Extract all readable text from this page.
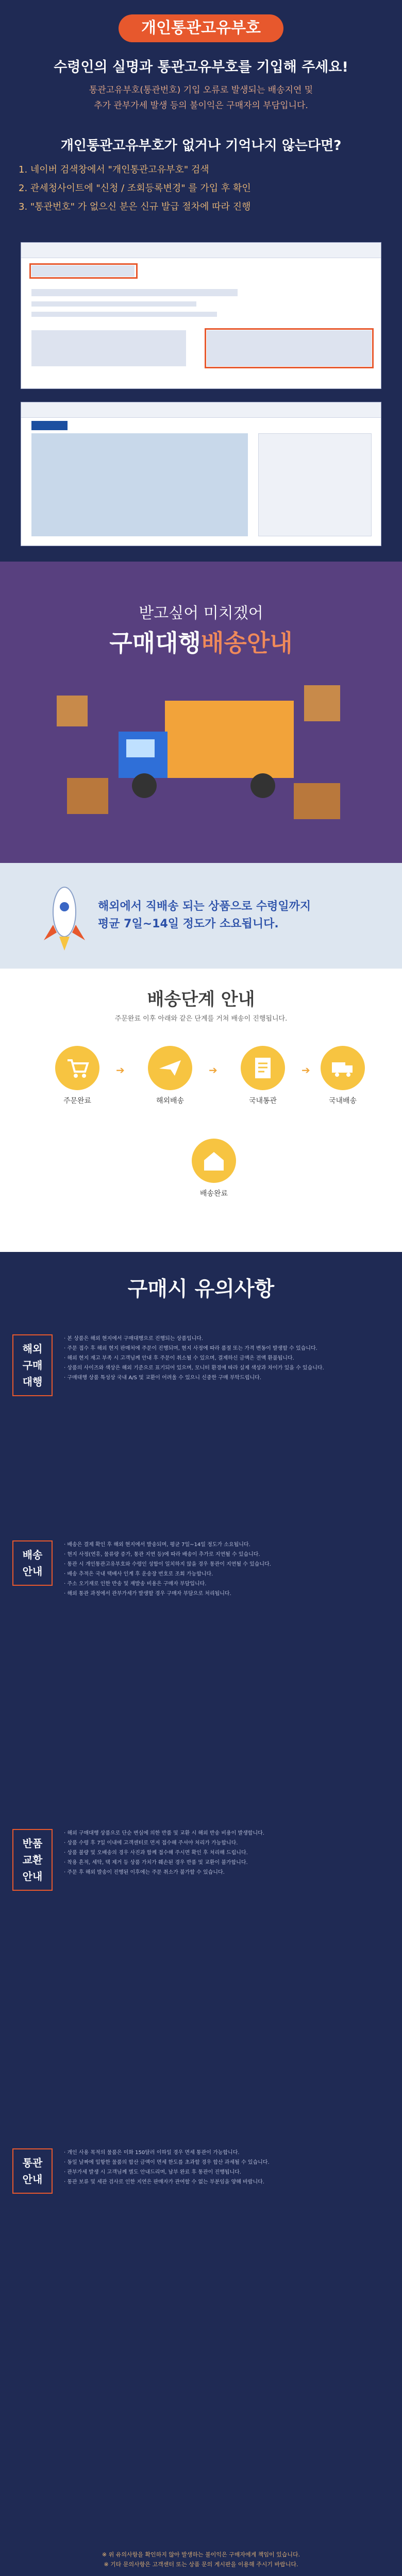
개인통관고유부호
수령인의 실명과 통관고유부호를 기입해 주세요!
통관고유부호(통관번호) 기입 오류로 발생되는 배송지연 및
추가 관부가세 발생 등의 불이익은 구매자의 부담입니다.
개인통관고유부호가 없거나 기억나지 않는다면?
1. 네이버 검색창에서 "개인통관고유부호" 검색
2. 관세청사이트에 "신청 / 조회등록변경" 를 가입 후 확인
3. "통관번호" 가 없으신 분은 신규 발급 절차에 따라 진행
받고싶어 미치겠어
구매대행배송안내
해외에서 직배송 되는 상품으로 수령일까지
평균 7일~14일 정도가 소요됩니다.
배송단계 안내
주문완료 이후 아래와 같은 단계를 거쳐 배송이 진행됩니다.
주문완료
➔
해외배송
➔
국내통관
➔
국내배송
배송완료
구매시 유의사항
해외
구매
대행

· 본 상품은 해외 현지에서 구매대행으로 진행되는 상품입니다.

· 주문 접수 후 해외 현지 판매처에 주문이 진행되며, 현지 사정에 따라 품절 또는 가격 변동이 발생할 수 있습니다.

· 해외 현지 재고 부족 시 고객님께 안내 후 주문이 취소될 수 있으며, 결제하신 금액은 전액 환불됩니다.

· 상품의 사이즈와 색상은 해외 기준으로 표기되어 있으며, 모니터 환경에 따라 실제 색상과 차이가 있을 수 있습니다.

· 구매대행 상품 특성상 국내 A/S 및 교환이 어려울 수 있으니 신중한 구매 부탁드립니다.

배송
안내

· 배송은 결제 확인 후 해외 현지에서 발송되며, 평균 7일~14일 정도가 소요됩니다.

· 현지 사정(연휴, 물류량 증가, 통관 지연 등)에 따라 배송이 추가로 지연될 수 있습니다.

· 통관 시 개인통관고유부호와 수령인 성함이 일치하지 않을 경우 통관이 지연될 수 있습니다.

· 배송 추적은 국내 택배사 인계 후 운송장 번호로 조회 가능합니다.

· 주소 오기재로 인한 반송 및 재발송 비용은 구매자 부담입니다.

· 해외 통관 과정에서 관부가세가 발생할 경우 구매자 부담으로 처리됩니다.

반품
교환
안내

· 해외 구매대행 상품으로 단순 변심에 의한 반품 및 교환 시 해외 반송 비용이 발생합니다.

· 상품 수령 후 7일 이내에 고객센터로 먼저 접수해 주셔야 처리가 가능합니다.

· 상품 불량 및 오배송의 경우 사진과 함께 접수해 주시면 확인 후 처리해 드립니다.

· 착용 흔적, 세탁, 택 제거 등 상품 가치가 훼손된 경우 반품 및 교환이 불가합니다.

· 주문 후 해외 발송이 진행된 이후에는 주문 취소가 불가할 수 있습니다.

통관
안내

· 개인 사용 목적의 물품은 미화 150달러 이하일 경우 면세 통관이 가능합니다.

· 동일 날짜에 입항한 물품의 합산 금액이 면세 한도를 초과할 경우 합산 과세될 수 있습니다.

· 관부가세 발생 시 고객님께 별도 안내드리며, 납부 완료 후 통관이 진행됩니다.

· 통관 보류 및 세관 검사로 인한 지연은 판매자가 관여할 수 없는 부분임을 양해 바랍니다.

※ 위 유의사항을 확인하지 않아 발생하는 불이익은 구매자에게 책임이 있습니다.

※ 기타 문의사항은 고객센터 또는 상품 문의 게시판을 이용해 주시기 바랍니다.
